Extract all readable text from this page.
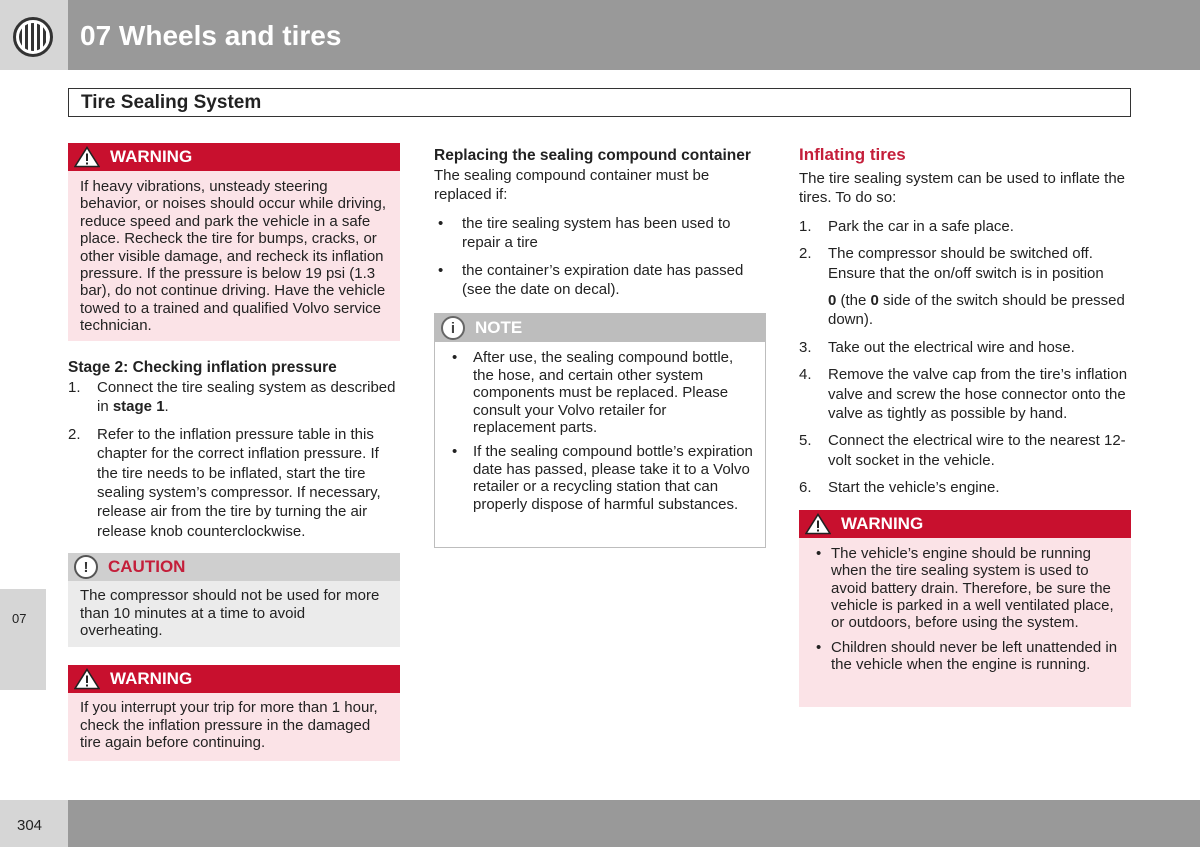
07 Wheels and tires
Tire Sealing System
07
WARNING
If heavy vibrations, unsteady steering behavior, or noises should occur while driving, reduce speed and park the vehicle in a safe place. Recheck the tire for bumps, cracks, or other visible damage, and recheck its inflation pressure. If the pressure is below 19 psi (1.3 bar), do not continue driving. Have the vehicle towed to a trained and qualified Volvo service technician.
Stage 2: Checking inflation pressure
1. Connect the tire sealing system as described in stage 1.
2. Refer to the inflation pressure table in this chapter for the correct inflation pressure. If the tire needs to be inflated, start the tire sealing system’s compressor. If necessary, release air from the tire by turning the air release knob counterclockwise.
!	CAUTION
The compressor should not be used for more than 10 minutes at a time to avoid overheating.
WARNING
If you interrupt your trip for more than 1 hour, check the inflation pressure in the damaged tire again before continuing.
Replacing the sealing compound container
The sealing compound container must be replaced if:
• the tire sealing system has been used to repair a tire
• the container’s expiration date has passed (see the date on decal).
i	NOTE
• After use, the sealing compound bottle, the hose, and certain other system components must be replaced. Please consult your Volvo retailer for replacement parts.
• If the sealing compound bottle’s expiration date has passed, please take it to a Volvo retailer or a recycling station that can properly dispose of harmful substances.
Inflating tires
The tire sealing system can be used to inflate the tires. To do so:
1. Park the car in a safe place.
2. The compressor should be switched off. Ensure that the on/off switch is in position
0 (the 0 side of the switch should be pressed down).
3. Take out the electrical wire and hose.
4. Remove the valve cap from the tire’s inflation valve and screw the hose connector onto the valve as tightly as possible by hand.
5. Connect the electrical wire to the nearest 12-volt socket in the vehicle.
6. Start the vehicle’s engine.
WARNING
• The vehicle’s engine should be running when the tire sealing system is used to avoid battery drain. Therefore, be sure the vehicle is parked in a well ventilated place, or outdoors, before using the system.
• Children should never be left unattended in the vehicle when the engine is running.
304
